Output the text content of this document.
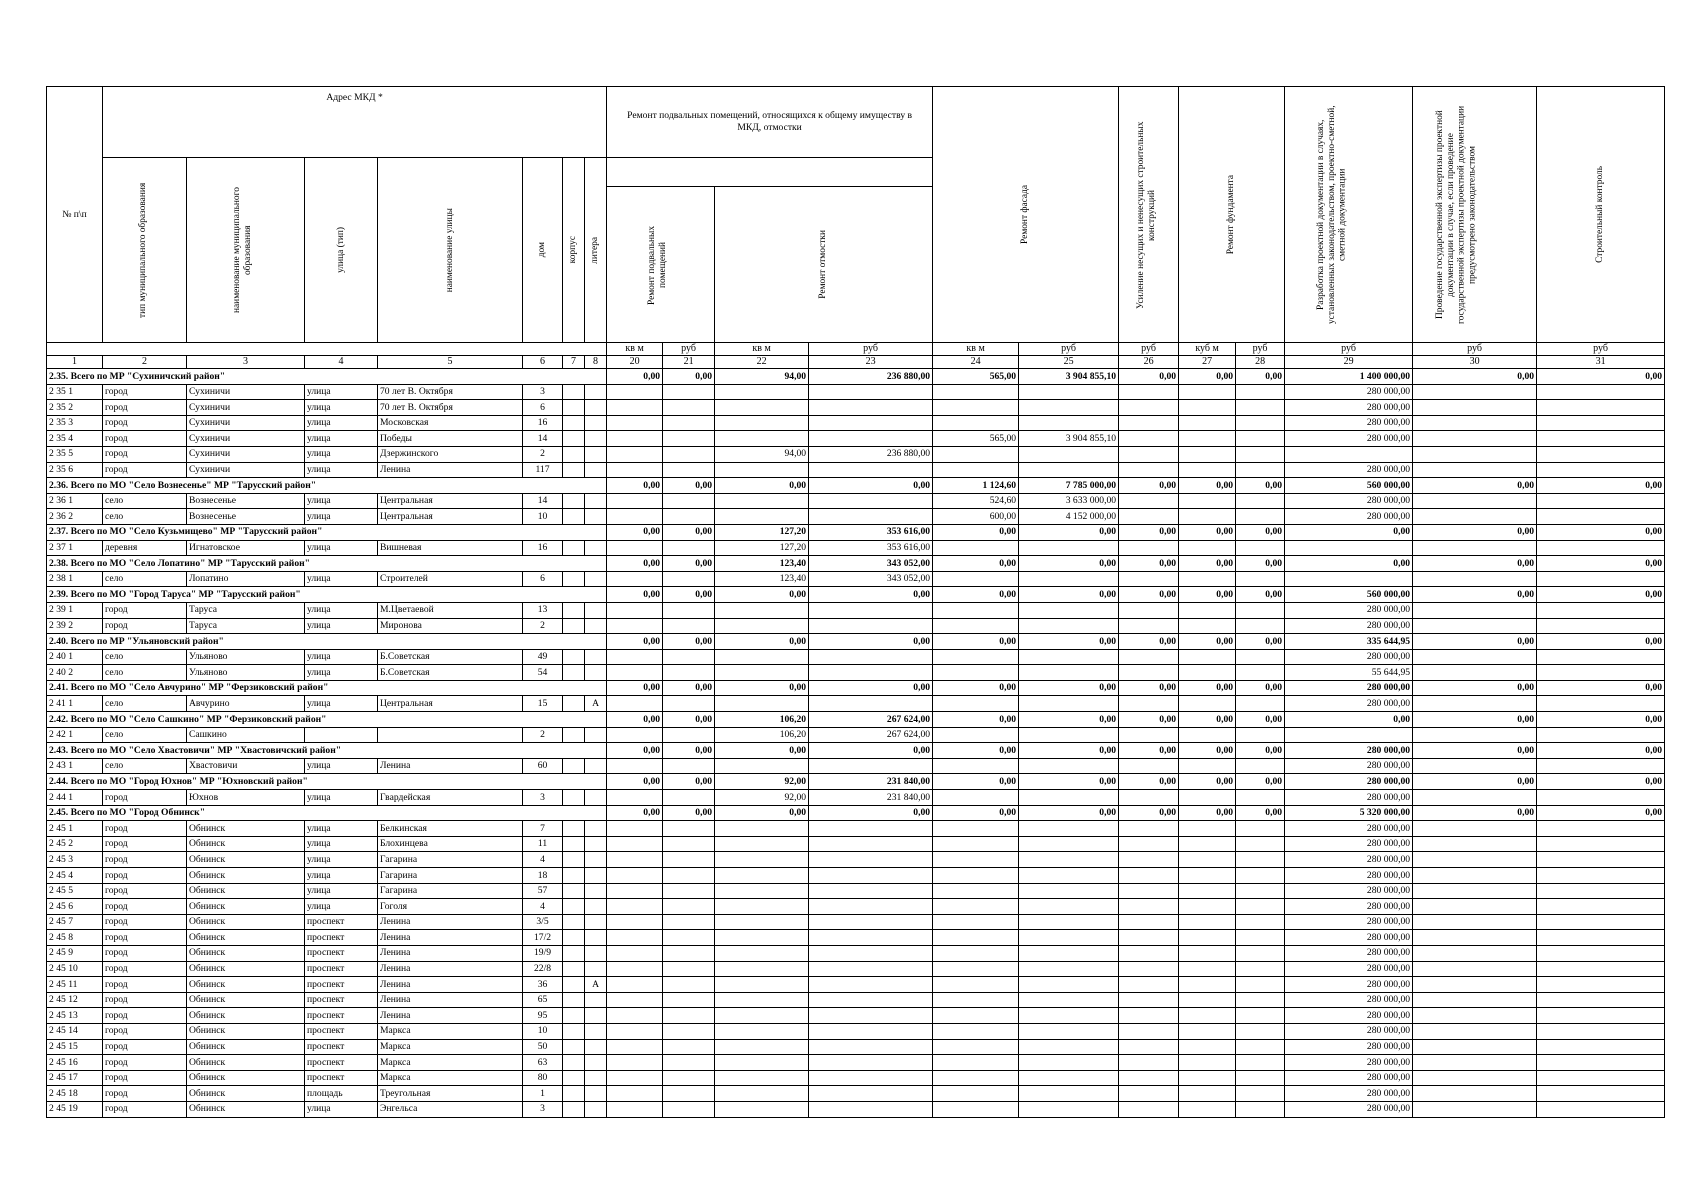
№ п\п	Адрес МКД *							Ремонт подвальных помещений, относящихся к общему имуществу в МКД, отмостки				Ремонт фасада		Усиление несущих и ненесущих строительных конструкций	Ремонт фундамента		Разработка проектной документации в случаях, установленных законодательством, проектно-сметной, сметной документации	Проведение государственной экспертизы проектной документации в случае, если проведение государственной экспертизы проектной документации предусмотрено законодательством	Строительный контроль

	тип муниципального образования	наименование муниципального образования	улица (тип)	наименование улицы	дом	корпус	литера												

								Ремонт подвальных помещений		Ремонт отмостки									

								кв м	руб	кв м	руб	кв м	руб	руб	куб м	руб	руб	руб	руб
1	2	3	4	5	6	7	8	20	21	22	23	24	25	26	27	28	29	30	31
2.35. Всего по МР "Сухиничский район"								0,00	0,00	94,00	236 880,00	565,00	3 904 855,10	0,00	0,00	0,00	1 400 000,00	0,00	0,00
2 35 1	город	Сухиничи	улица	70 лет В. Октября	3												280 000,00		
2 35 2	город	Сухиничи	улица	70 лет В. Октября	6												280 000,00		
2 35 3	город	Сухиничи	улица	Московская	16												280 000,00		
2 35 4	город	Сухиничи	улица	Победы	14							565,00	3 904 855,10				280 000,00		
2 35 5	город	Сухиничи	улица	Дзержинского	2					94,00	236 880,00								
2 35 6	город	Сухиничи	улица	Ленина	117												280 000,00		
2.36. Всего по МО "Село Вознесенье" МР "Тарусский район"								0,00	0,00	0,00	0,00	1 124,60	7 785 000,00	0,00	0,00	0,00	560 000,00	0,00	0,00
2 36 1	село	Вознесенье	улица	Центральная	14							524,60	3 633 000,00				280 000,00		
2 36 2	село	Вознесенье	улица	Центральная	10							600,00	4 152 000,00				280 000,00		
2.37. Всего по МО "Село Кузьмищево" МР "Тарусский район"								0,00	0,00	127,20	353 616,00	0,00	0,00	0,00	0,00	0,00	0,00	0,00	0,00
2 37 1	деревня	Игнатовское	улица	Вишневая	16					127,20	353 616,00								
2.38. Всего по МО "Село Лопатино" МР "Тарусский район"								0,00	0,00	123,40	343 052,00	0,00	0,00	0,00	0,00	0,00	0,00	0,00	0,00
2 38 1	село	Лопатино	улица	Строителей	6					123,40	343 052,00								
2.39. Всего по МО "Город Таруса" МР "Тарусский район"								0,00	0,00	0,00	0,00	0,00	0,00	0,00	0,00	0,00	560 000,00	0,00	0,00
2 39 1	город	Таруса	улица	М.Цветаевой	13												280 000,00		
2 39 2	город	Таруса	улица	Миронова	2												280 000,00		
2.40. Всего по МР "Ульяновский район"								0,00	0,00	0,00	0,00	0,00	0,00	0,00	0,00	0,00	335 644,95	0,00	0,00
2 40 1	село	Ульяново	улица	Б.Советская	49												280 000,00		
2 40 2	село	Ульяново	улица	Б.Советская	54												55 644,95		
2.41. Всего по МО "Село Авчурино" МР "Ферзиковский район"								0,00	0,00	0,00	0,00	0,00	0,00	0,00	0,00	0,00	280 000,00	0,00	0,00
2 41 1	село	Авчурино	улица	Центральная	15		А										280 000,00		
2.42. Всего по МО "Село Сашкино" МР "Ферзиковский район"								0,00	0,00	106,20	267 624,00	0,00	0,00	0,00	0,00	0,00	0,00	0,00	0,00
2 42 1	село	Сашкино			2					106,20	267 624,00								
2.43. Всего по МО "Село Хвастовичи" МР "Хвастовичский район"								0,00	0,00	0,00	0,00	0,00	0,00	0,00	0,00	0,00	280 000,00	0,00	0,00
2 43 1	село	Хвастовичи	улица	Ленина	60												280 000,00		
2.44. Всего по МО "Город Юхнов" МР "Юхновский район"								0,00	0,00	92,00	231 840,00	0,00	0,00	0,00	0,00	0,00	280 000,00	0,00	0,00
2 44 1	город	Юхнов	улица	Гвардейская	3					92,00	231 840,00						280 000,00		
2.45. Всего по МО "Город Обнинск"								0,00	0,00	0,00	0,00	0,00	0,00	0,00	0,00	0,00	5 320 000,00	0,00	0,00
2 45 1	город	Обнинск	улица	Белкинская	7												280 000,00		
2 45 2	город	Обнинск	улица	Блохинцева	11												280 000,00		
2 45 3	город	Обнинск	улица	Гагарина	4												280 000,00		
2 45 4	город	Обнинск	улица	Гагарина	18												280 000,00		
2 45 5	город	Обнинск	улица	Гагарина	57												280 000,00		
2 45 6	город	Обнинск	улица	Гоголя	4												280 000,00		
2 45 7	город	Обнинск	проспект	Ленина	3/5												280 000,00		
2 45 8	город	Обнинск	проспект	Ленина	17/2												280 000,00		
2 45 9	город	Обнинск	проспект	Ленина	19/9												280 000,00		
2 45 10	город	Обнинск	проспект	Ленина	22/8												280 000,00		
2 45 11	город	Обнинск	проспект	Ленина	36		А										280 000,00		
2 45 12	город	Обнинск	проспект	Ленина	65												280 000,00		
2 45 13	город	Обнинск	проспект	Ленина	95												280 000,00		
2 45 14	город	Обнинск	проспект	Маркса	10												280 000,00		
2 45 15	город	Обнинск	проспект	Маркса	50												280 000,00		
2 45 16	город	Обнинск	проспект	Маркса	63												280 000,00		
2 45 17	город	Обнинск	проспект	Маркса	80												280 000,00		
2 45 18	город	Обнинск	площадь	Треугольная	1												280 000,00		
2 45 19	город	Обнинск	улица	Энгельса	3												280 000,00		
